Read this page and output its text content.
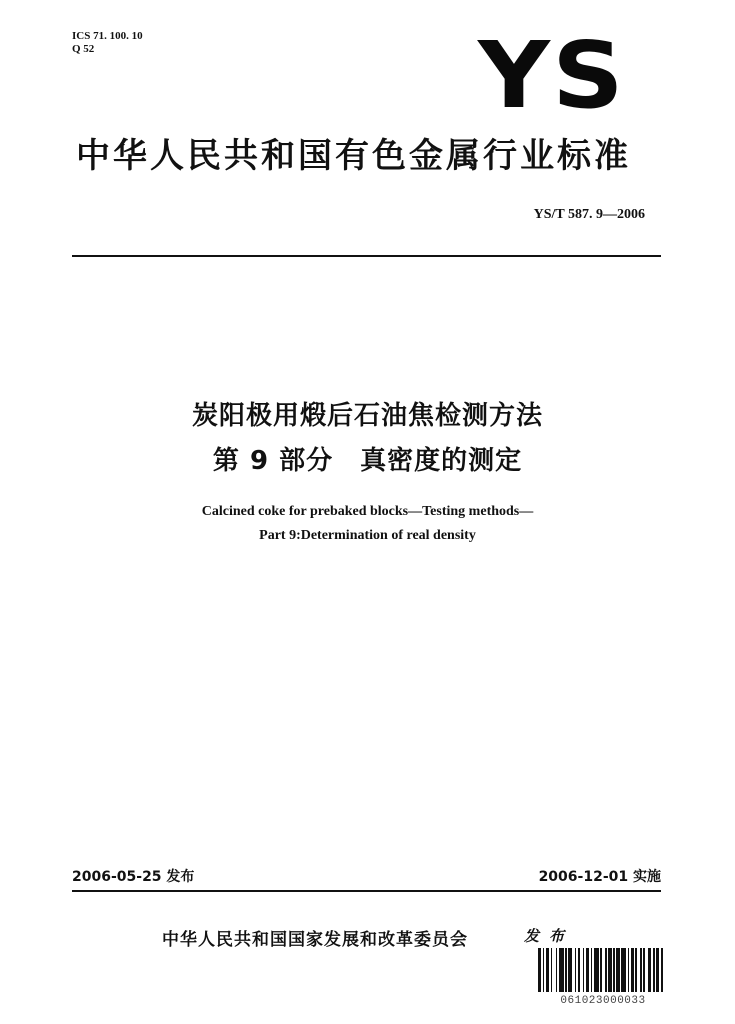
ICS 71. 100. 10
Q 52	YS
中华人民共和国有色金属行业标准
YS/T 587. 9—2006
炭阳极用煅后石油焦检测方法
第 9 部分　真密度的测定
Calcined coke for prebaked blocks—Testing methods—
Part 9:Determination of real density
2006-05-25 发布	2006-12-01 实施
中华人民共和国国家发展和改革委员会	发布
061023000033
